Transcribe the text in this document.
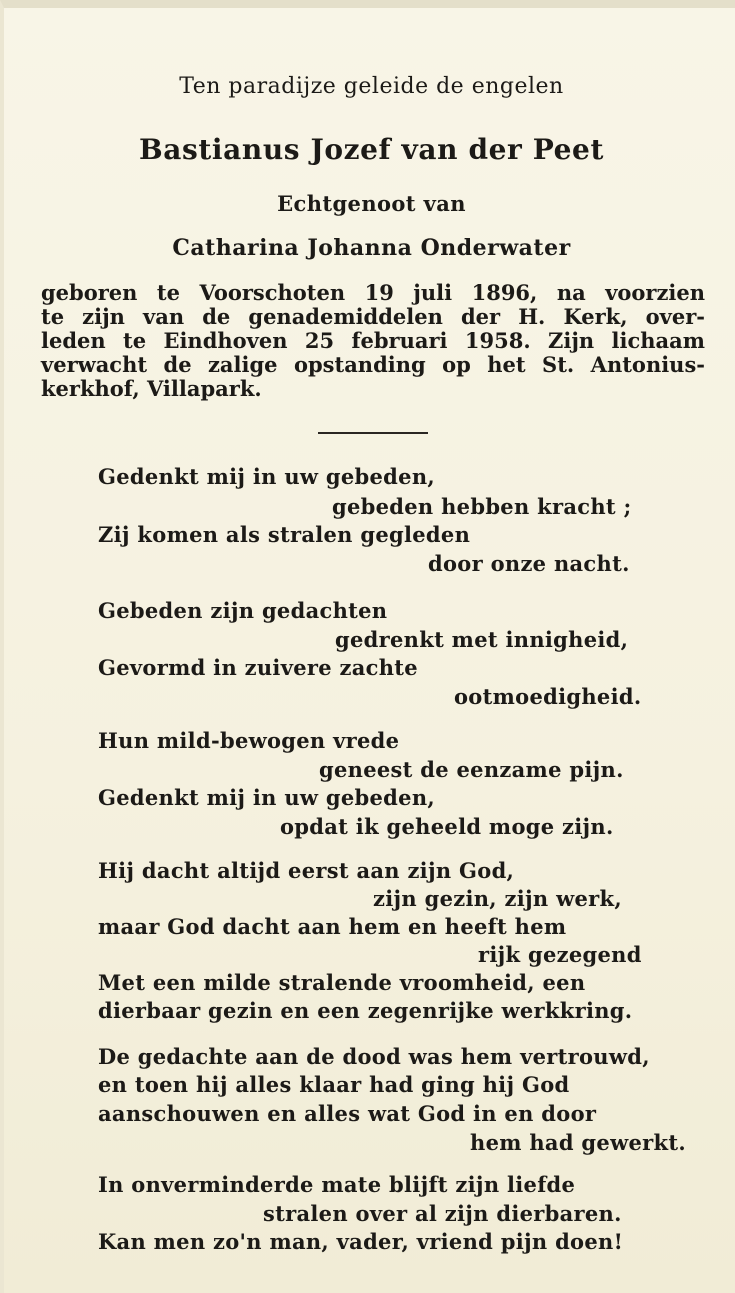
Ten paradijze geleide de engelen
Bastianus Jozef van der Peet
Echtgenoot van
Catharina Johanna Onderwater
geboren te Voorschoten 19 juli 1896, na voorzien
te zijn van de genademiddelen der H. Kerk, over-
leden te Eindhoven 25 februari 1958. Zijn lichaam
verwacht de zalige opstanding op het St. Antonius-
kerkhof, Villapark.
Gedenkt mij in uw gebeden,
gebeden hebben kracht ;
Zij komen als stralen gegleden
door onze nacht.
Gebeden zijn gedachten
gedrenkt met innigheid,
Gevormd in zuivere zachte
ootmoedigheid.
Hun mild-bewogen vrede
geneest de eenzame pijn.
Gedenkt mij in uw gebeden,
opdat ik geheeld moge zijn.
Hij dacht altijd eerst aan zijn God,
zijn gezin, zijn werk,
maar God dacht aan hem en heeft hem
rijk gezegend
Met een milde stralende vroomheid, een
dierbaar gezin en een zegenrijke werkkring.
De gedachte aan de dood was hem vertrouwd,
en toen hij alles klaar had ging hij God
aanschouwen en alles wat God in en door
hem had gewerkt.
In onverminderde mate blijft zijn liefde
stralen over al zijn dierbaren.
Kan men zo'n man, vader, vriend pijn doen!
